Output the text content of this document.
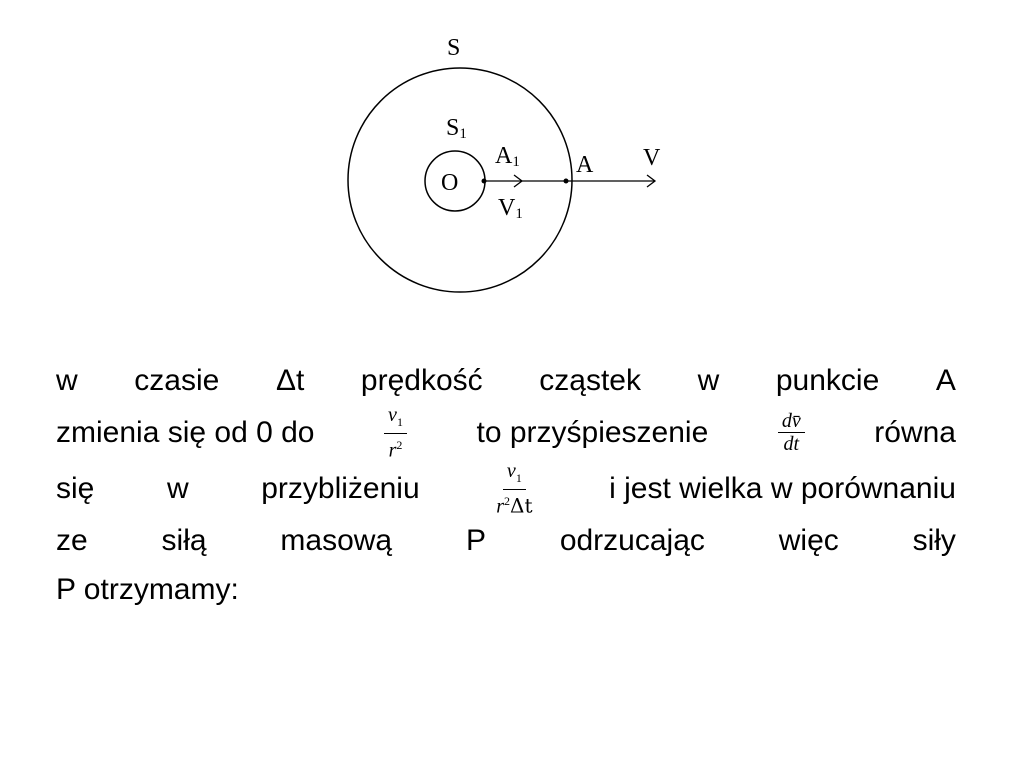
S
S1
O
A1 A V
V1
w czasie Δt prędkość cząstek w punkcie A
zmienia się od 0 do	$\frac{v_1}{r^2}$ to przyśpieszenie	$\frac{dv̄}{dt}$ równa
się w przybliżeniu	$\frac{v_1}{r^2\Delta t}$ i jest wielka w porównaniu
ze siłą masową P odrzucając więc siły
P otrzymamy:
